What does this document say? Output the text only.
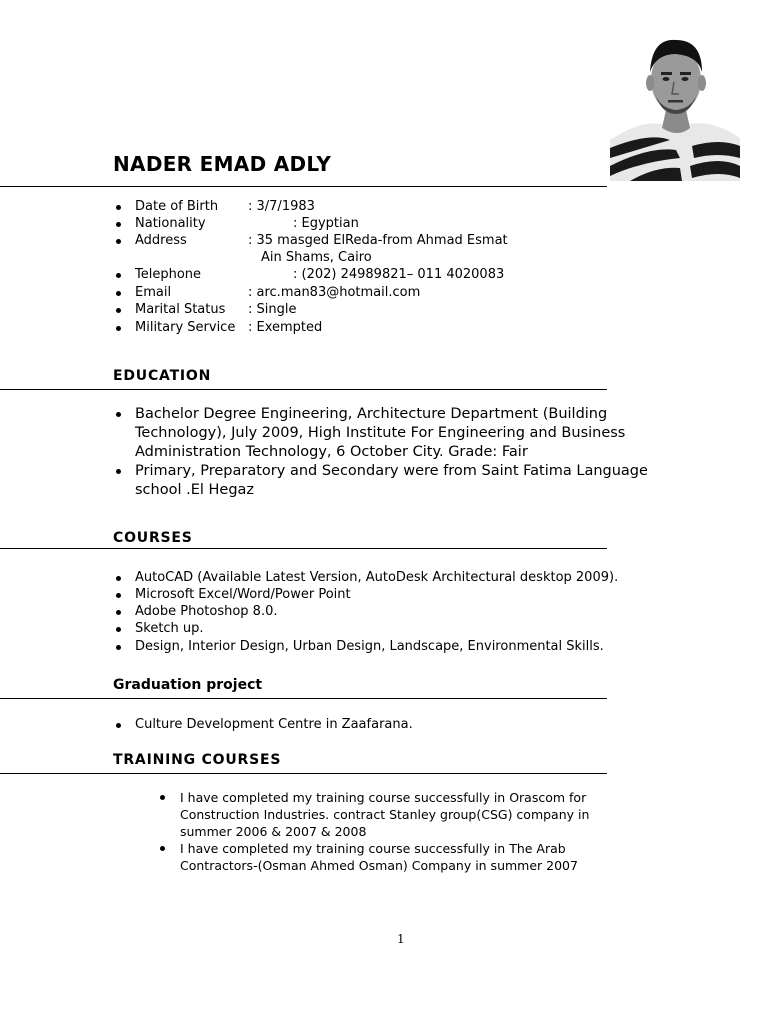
NADER EMAD ADLY
Date of Birth : 3/7/1983
Nationality	: Egyptian
Address	: 35 masged ElReda-from Ahmad Esmat
Ain Shams, Cairo
Telephone	: (202) 24989821– 011 4020083
Email	: arc.man83@hotmail.com
Marital Status : Single
Military Service : Exempted
EDUCATION
Bachelor Degree Engineering, Architecture Department (Building
Technology), July 2009, High Institute For Engineering and Business
Administration Technology, 6 October City. Grade: Fair
Primary, Preparatory and Secondary were from Saint Fatima Language
school .El Hegaz
COURSES
AutoCAD (Available Latest Version, AutoDesk Architectural desktop 2009).
Microsoft Excel/Word/Power Point
Adobe Photoshop 8.0.
Sketch up.
Design, Interior Design, Urban Design, Landscape, Environmental Skills.
Graduation project
Culture Development Centre in Zaafarana.
TRAINING COURSES
I have completed my training course successfully in Orascom for
Construction Industries. contract Stanley group(CSG) company in
summer 2006 & 2007 & 2008
I have completed my training course successfully in The Arab
Contractors-(Osman Ahmed Osman) Company in summer 2007
1
